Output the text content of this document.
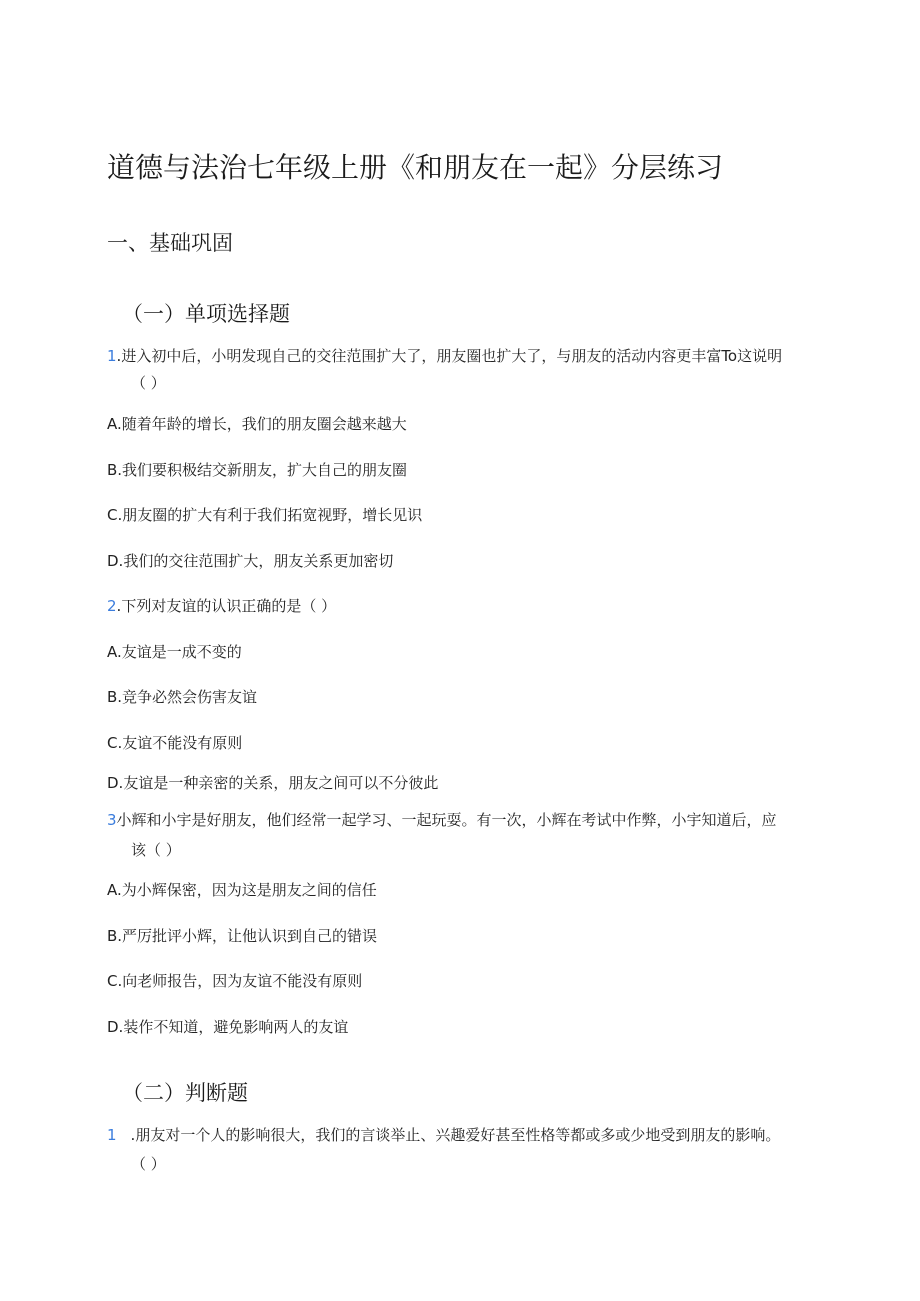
道德与法治七年级上册《和朋友在一起》分层练习
一、基础巩固
（一）单项选择题
1.进入初中后，小明发现自己的交往范围扩大了，朋友圈也扩大了，与朋友的活动内容更丰富To这说明
（ ）
A.随着年龄的增长，我们的朋友圈会越来越大
B.我们要积极结交新朋友，扩大自己的朋友圈
C.朋友圈的扩大有利于我们拓宽视野，增长见识
D.我们的交往范围扩大，朋友关系更加密切
2.下列对友谊的认识正确的是（ ）
A.友谊是一成不变的
B.竞争必然会伤害友谊
C.友谊不能没有原则
D.友谊是一种亲密的关系，朋友之间可以不分彼此
3小辉和小宇是好朋友，他们经常一起学习、一起玩耍。有一次，小辉在考试中作弊，小宇知道后，应
该（ ）
A.为小辉保密，因为这是朋友之间的信任
B.严厉批评小辉，让他认识到自己的错误
C.向老师报告，因为友谊不能没有原则
D.装作不知道，避免影响两人的友谊
（二）判断题
1 .朋友对一个人的影响很大，我们的言谈举止、兴趣爱好甚至性格等都或多或少地受到朋友的影响。
（ ）
